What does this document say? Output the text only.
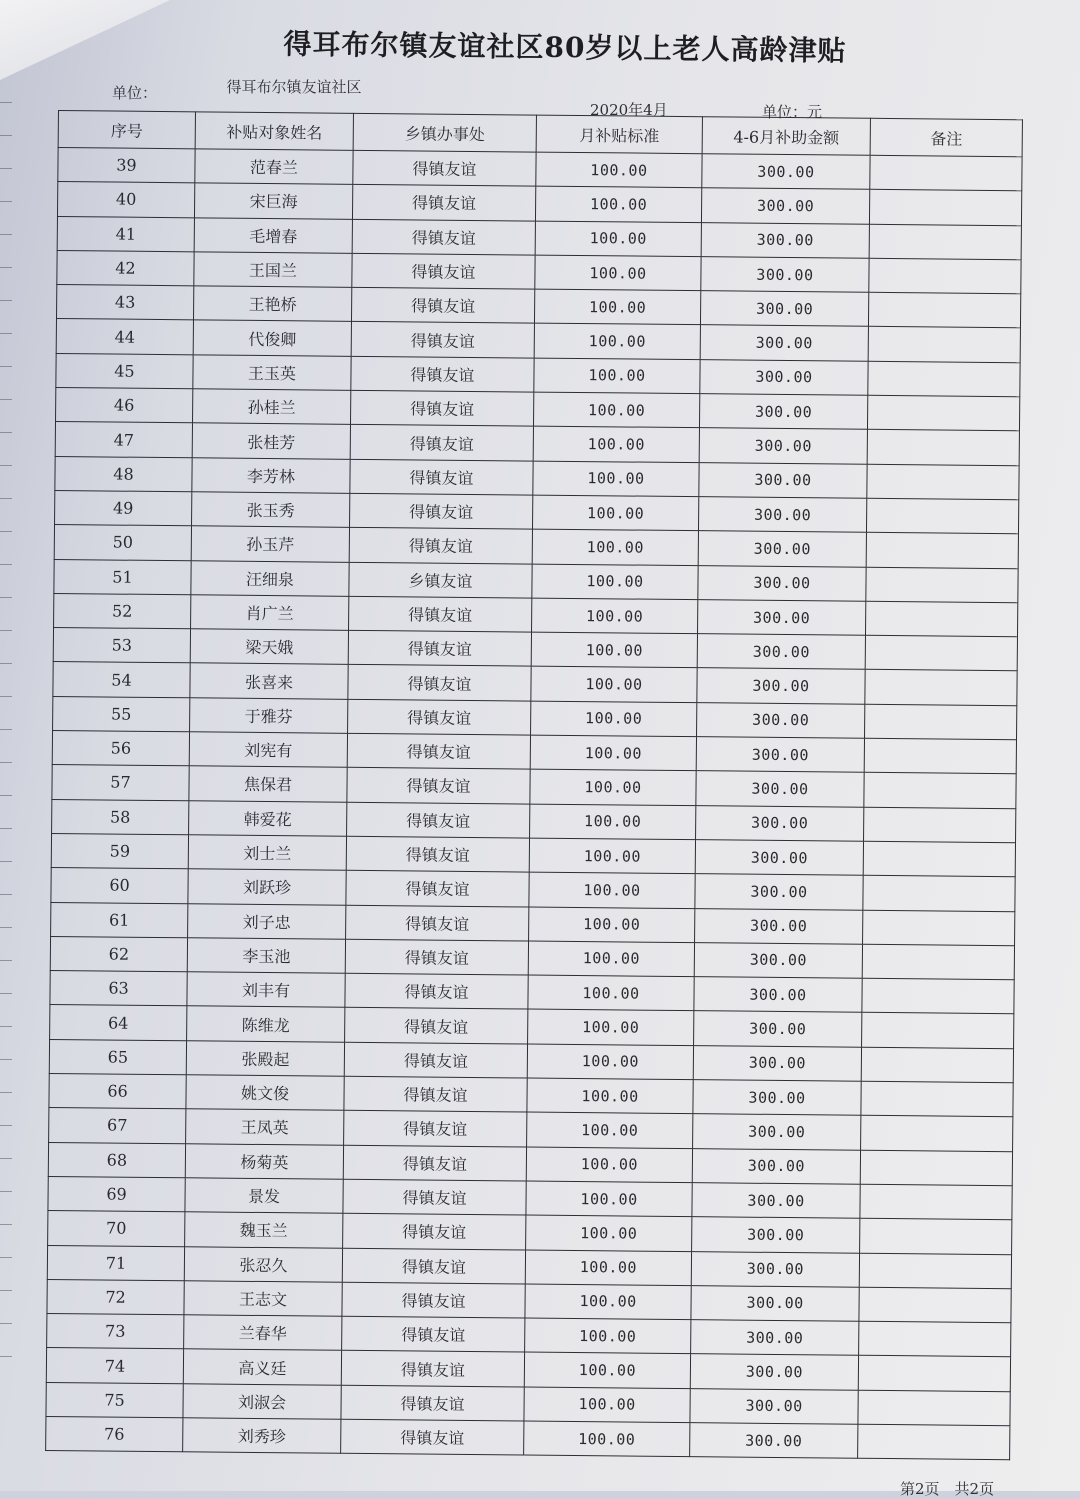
得耳布尔镇友谊社区80岁以上老人高龄津贴
单位：	得耳布尔镇友谊社区
2020年4月	单位：元
序号	补贴对象姓名	乡镇办事处	月补贴标准	4-6月补助金额	备注
39	范春兰	得镇友谊	100.00	300.00	
40	宋巨海	得镇友谊	100.00	300.00	
41	毛增春	得镇友谊	100.00	300.00	
42	王国兰	得镇友谊	100.00	300.00	
43	王艳桥	得镇友谊	100.00	300.00	
44	代俊卿	得镇友谊	100.00	300.00	
45	王玉英	得镇友谊	100.00	300.00	
46	孙桂兰	得镇友谊	100.00	300.00	
47	张桂芳	得镇友谊	100.00	300.00	
48	李芳林	得镇友谊	100.00	300.00	
49	张玉秀	得镇友谊	100.00	300.00	
50	孙玉芹	得镇友谊	100.00	300.00	
51	汪细泉	乡镇友谊	100.00	300.00	
52	肖广兰	得镇友谊	100.00	300.00	
53	梁天娥	得镇友谊	100.00	300.00	
54	张喜来	得镇友谊	100.00	300.00	
55	于雅芬	得镇友谊	100.00	300.00	
56	刘宪有	得镇友谊	100.00	300.00	
57	焦保君	得镇友谊	100.00	300.00	
58	韩爱花	得镇友谊	100.00	300.00	
59	刘士兰	得镇友谊	100.00	300.00	
60	刘跃珍	得镇友谊	100.00	300.00	
61	刘子忠	得镇友谊	100.00	300.00	
62	李玉池	得镇友谊	100.00	300.00	
63	刘丰有	得镇友谊	100.00	300.00	
64	陈维龙	得镇友谊	100.00	300.00	
65	张殿起	得镇友谊	100.00	300.00	
66	姚文俊	得镇友谊	100.00	300.00	
67	王凤英	得镇友谊	100.00	300.00	
68	杨菊英	得镇友谊	100.00	300.00	
69	景发	得镇友谊	100.00	300.00	
70	魏玉兰	得镇友谊	100.00	300.00	
71	张忍久	得镇友谊	100.00	300.00	
72	王志文	得镇友谊	100.00	300.00	
73	兰春华	得镇友谊	100.00	300.00	
74	高义廷	得镇友谊	100.00	300.00	
75	刘淑会	得镇友谊	100.00	300.00	
76	刘秀珍	得镇友谊	100.00	300.00	
第2页　共2页
